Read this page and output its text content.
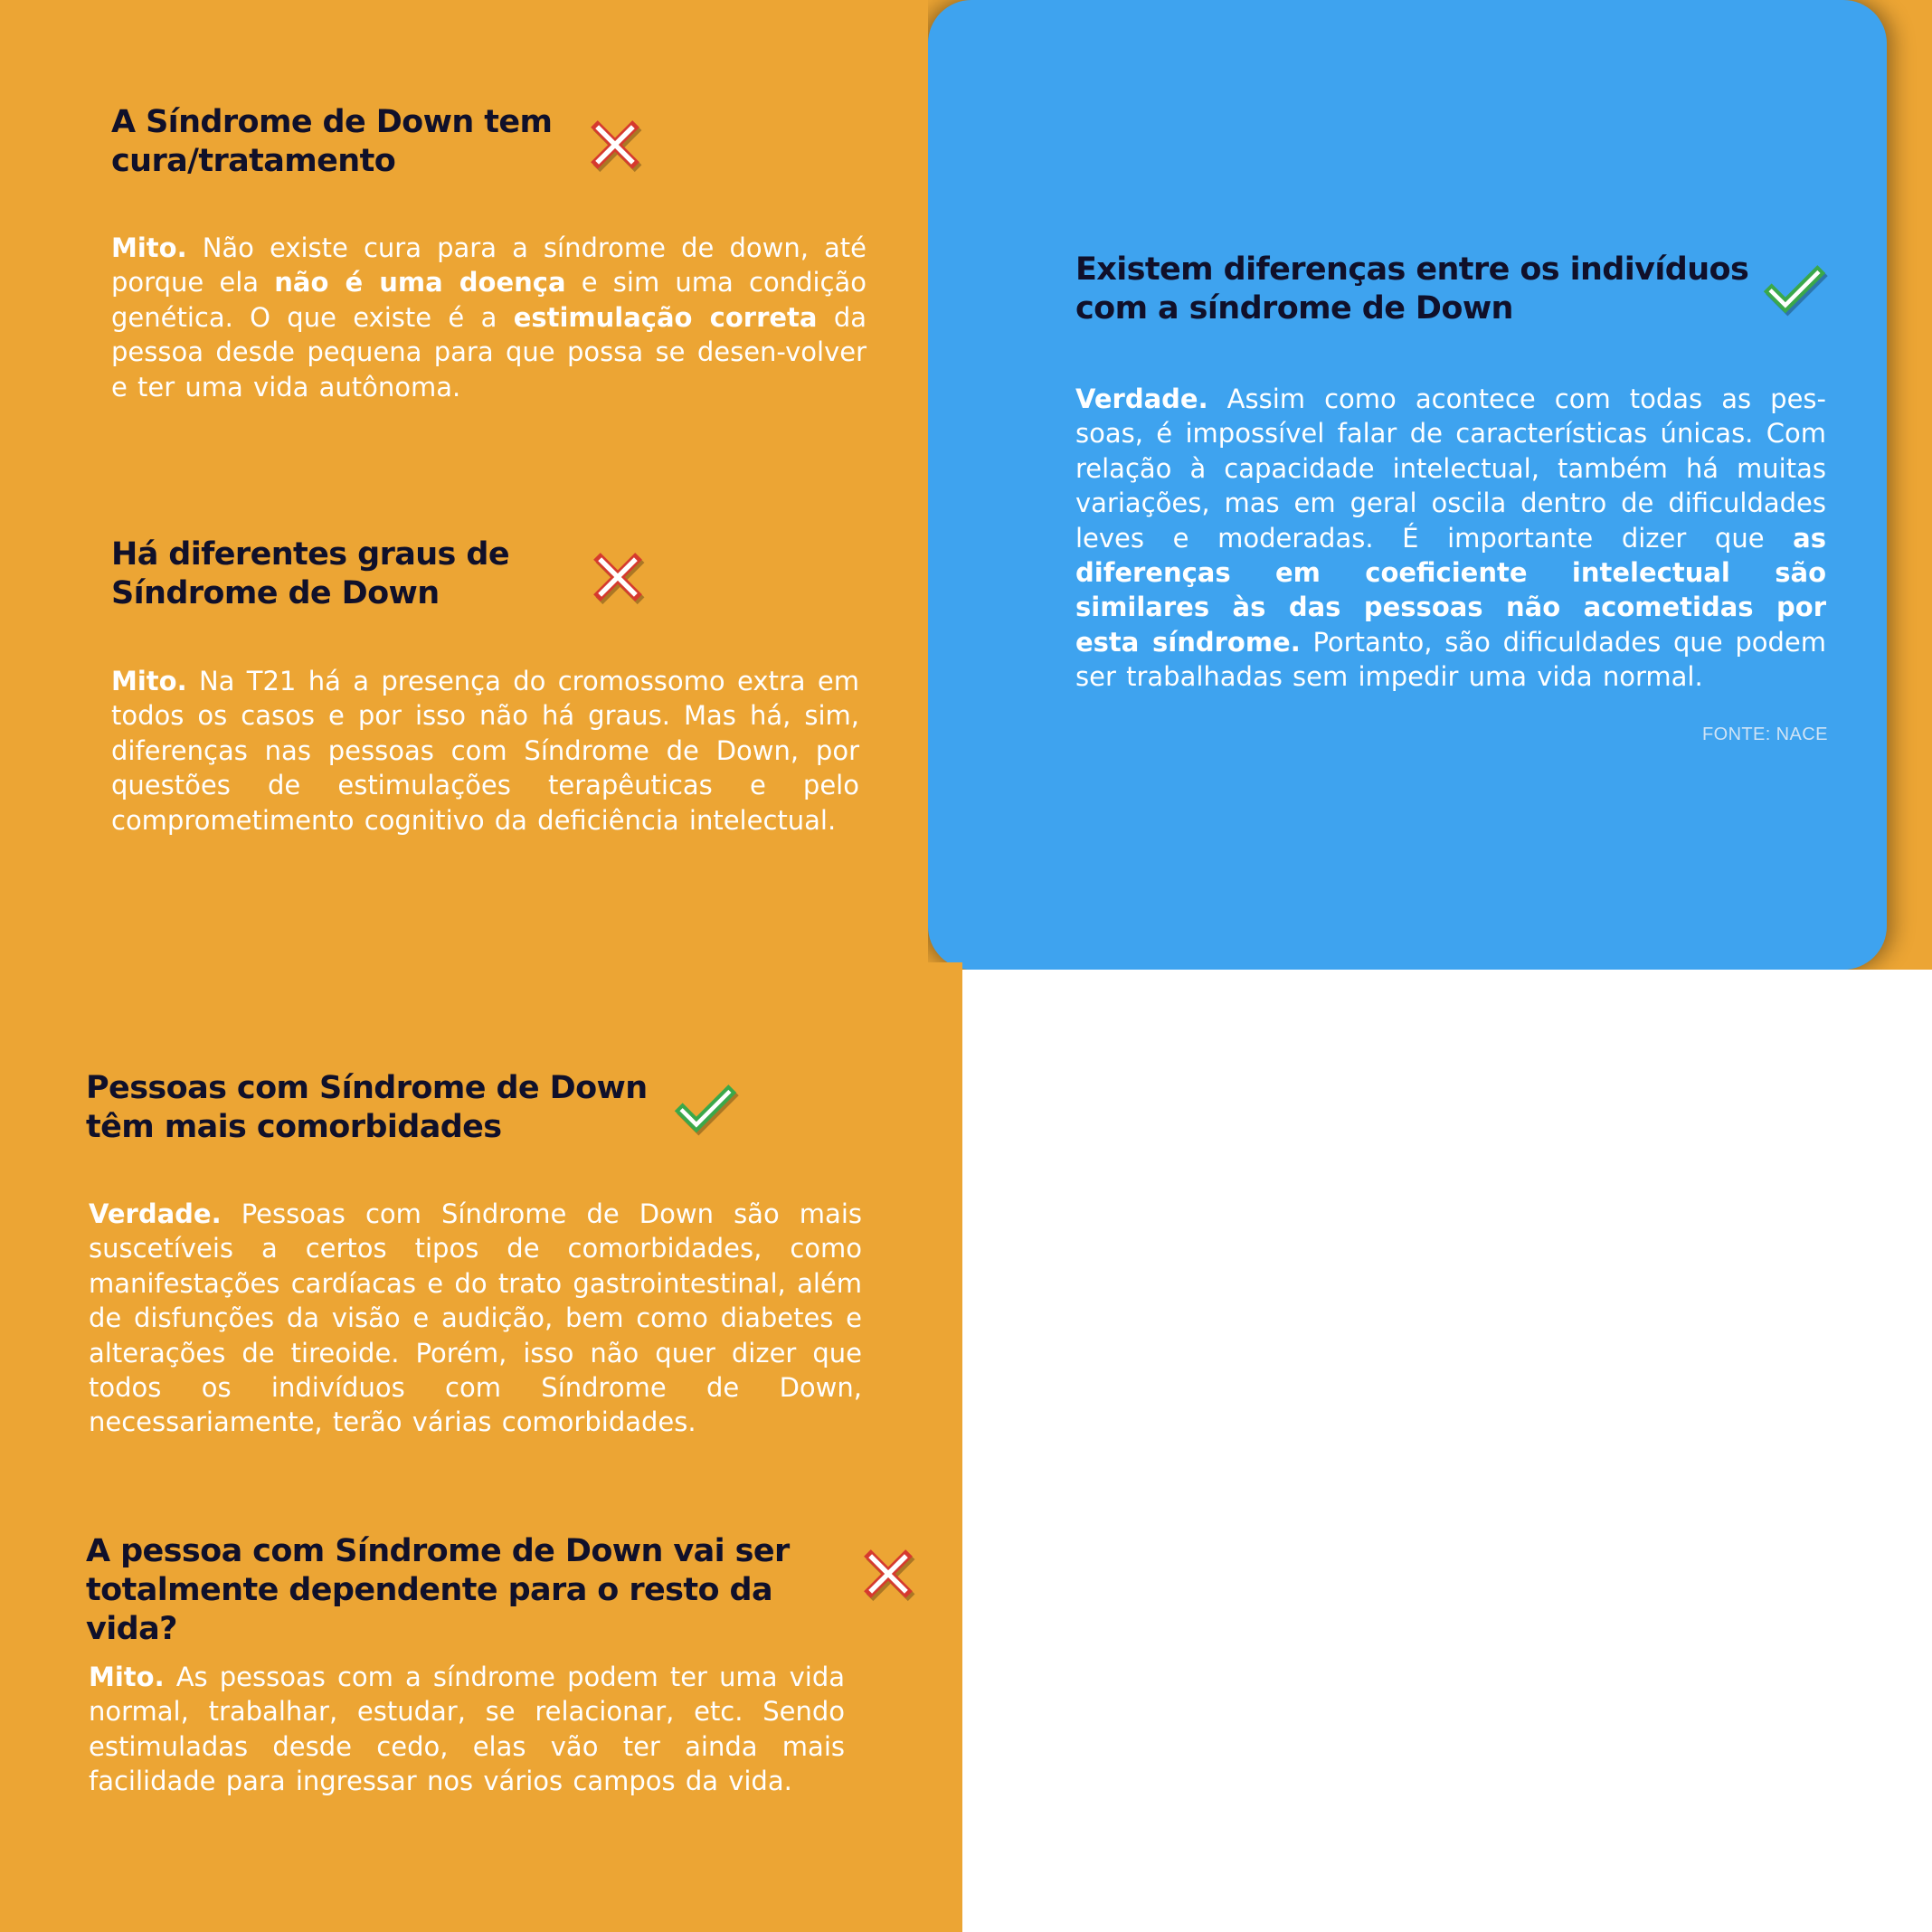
A Síndrome de Down tem
cura/tratamento

Mito. Não existe cura para a síndrome de down, até porque ela não é uma doença e sim uma condição genética. O que existe é a estimulação correta da pessoa desde pequena para que possa se desen-volver e ter uma vida autônoma.

Há diferentes graus de
Síndrome de Down

Mito. Na T21 há a presença do cromossomo extra em todos os casos e por isso não há graus. Mas há, sim, diferenças nas pessoas com Síndrome de Down, por questões de estimulações terapêuticas e pelo comprometimento cognitivo da deficiência intelectual.

Existem diferenças entre os indivíduos
com a síndrome de Down

Verdade. Assim como acontece com todas as pes-soas, é impossível falar de características únicas. Com relação à capacidade intelectual, também há muitas variações, mas em geral oscila dentro de dificuldades leves e moderadas. É importante dizer que as diferenças em coeficiente intelectual são similares às das pessoas não acometidas por esta síndrome. Portanto, são dificuldades que podem ser trabalhadas sem impedir uma vida normal.

FONTE: NACE

Pessoas com Síndrome de Down
têm mais comorbidades

Verdade. Pessoas com Síndrome de Down são mais suscetíveis a certos tipos de comorbidades, como manifestações cardíacas e do trato gastrointestinal, além de disfunções da visão e audição, bem como diabetes e alterações de tireoide. Porém, isso não quer dizer que todos os indivíduos com Síndrome de Down, necessariamente, terão várias comorbidades.

A pessoa com Síndrome de Down vai ser
totalmente dependente para o resto da vida?

Mito. As pessoas com a síndrome podem ter uma vida normal, trabalhar, estudar, se relacionar, etc. Sendo estimuladas desde cedo, elas vão ter ainda mais facilidade para ingressar nos vários campos da vida.
